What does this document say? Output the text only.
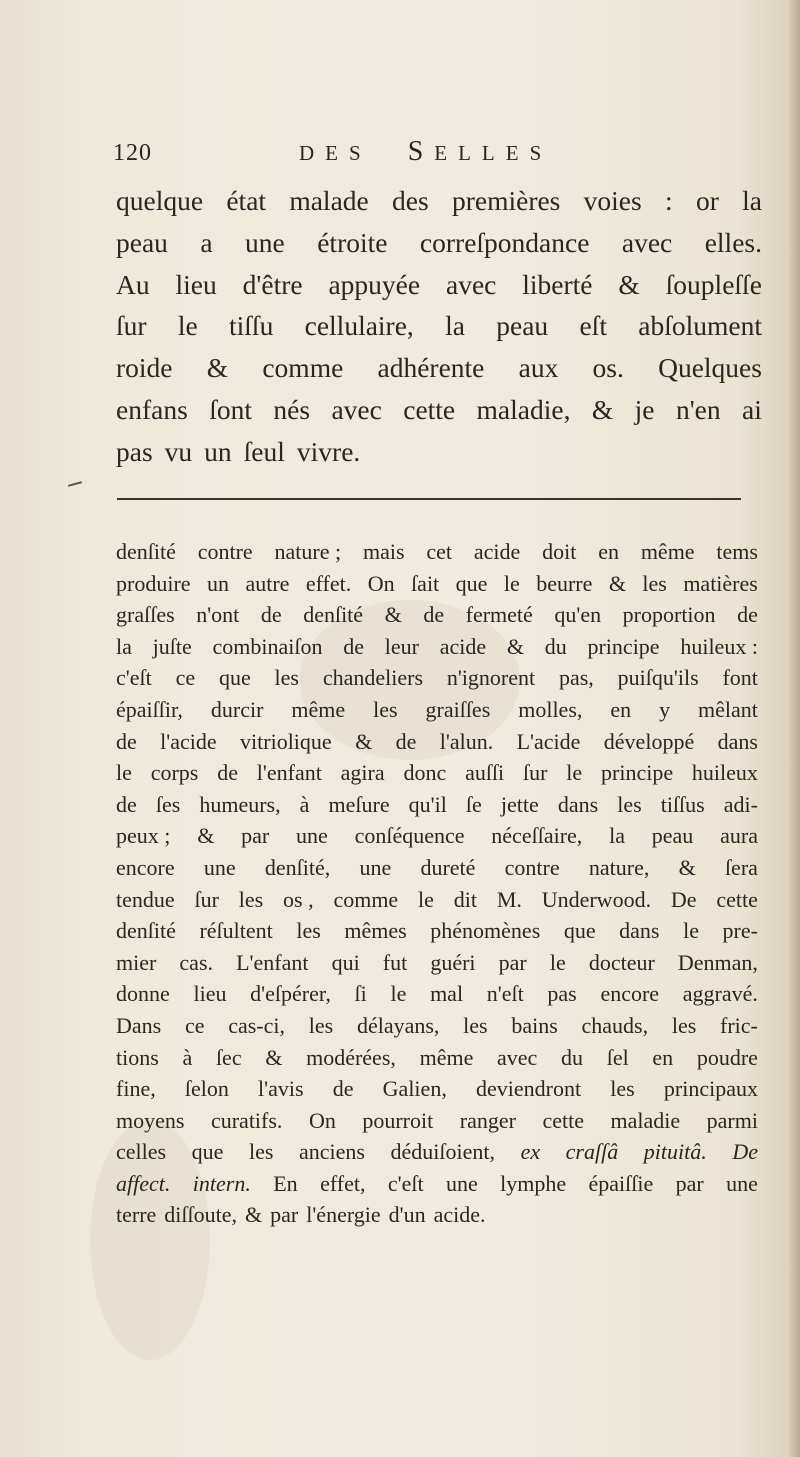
120	DES SELLES
quelque état malade des premières voies : or la
peau a une étroite correſpondance avec elles.
Au lieu d'être appuyée avec liberté & ſoupleſſe
ſur le tiſſu cellulaire, la peau eſt abſolument
roide & comme adhérente aux os. Quelques
enfans ſont nés avec cette maladie, & je n'en ai
pas vu un ſeul vivre.
denſité contre nature ; mais cet acide doit en même tems
produire un autre effet. On ſait que le beurre & les matières
graſſes n'ont de denſité & de fermeté qu'en proportion de
la juſte combinaiſon de leur acide & du principe huileux :
c'eſt ce que les chandeliers n'ignorent pas, puiſqu'ils font
épaiſſir, durcir même les graiſſes molles, en y mêlant
de l'acide vitriolique & de l'alun. L'acide développé dans
le corps de l'enfant agira donc auſſi ſur le principe huileux
de ſes humeurs, à meſure qu'il ſe jette dans les tiſſus adi-
peux ; & par une conſéquence néceſſaire, la peau aura
encore une denſité, une dureté contre nature, & ſera
tendue ſur les os , comme le dit M. Underwood. De cette
denſité réſultent les mêmes phénomènes que dans le pre-
mier cas. L'enfant qui fut guéri par le docteur Denman,
donne lieu d'eſpérer, ſi le mal n'eſt pas encore aggravé.
Dans ce cas-ci, les délayans, les bains chauds, les fric-
tions à ſec & modérées, même avec du ſel en poudre
fine, ſelon l'avis de Galien, deviendront les principaux
moyens curatifs. On pourroit ranger cette maladie parmi
celles que les anciens déduiſoient, ex craſſâ pituitâ. De
affect. intern. En effet, c'eſt une lymphe épaiſſie par une
terre diſſoute, & par l'énergie d'un acide.
